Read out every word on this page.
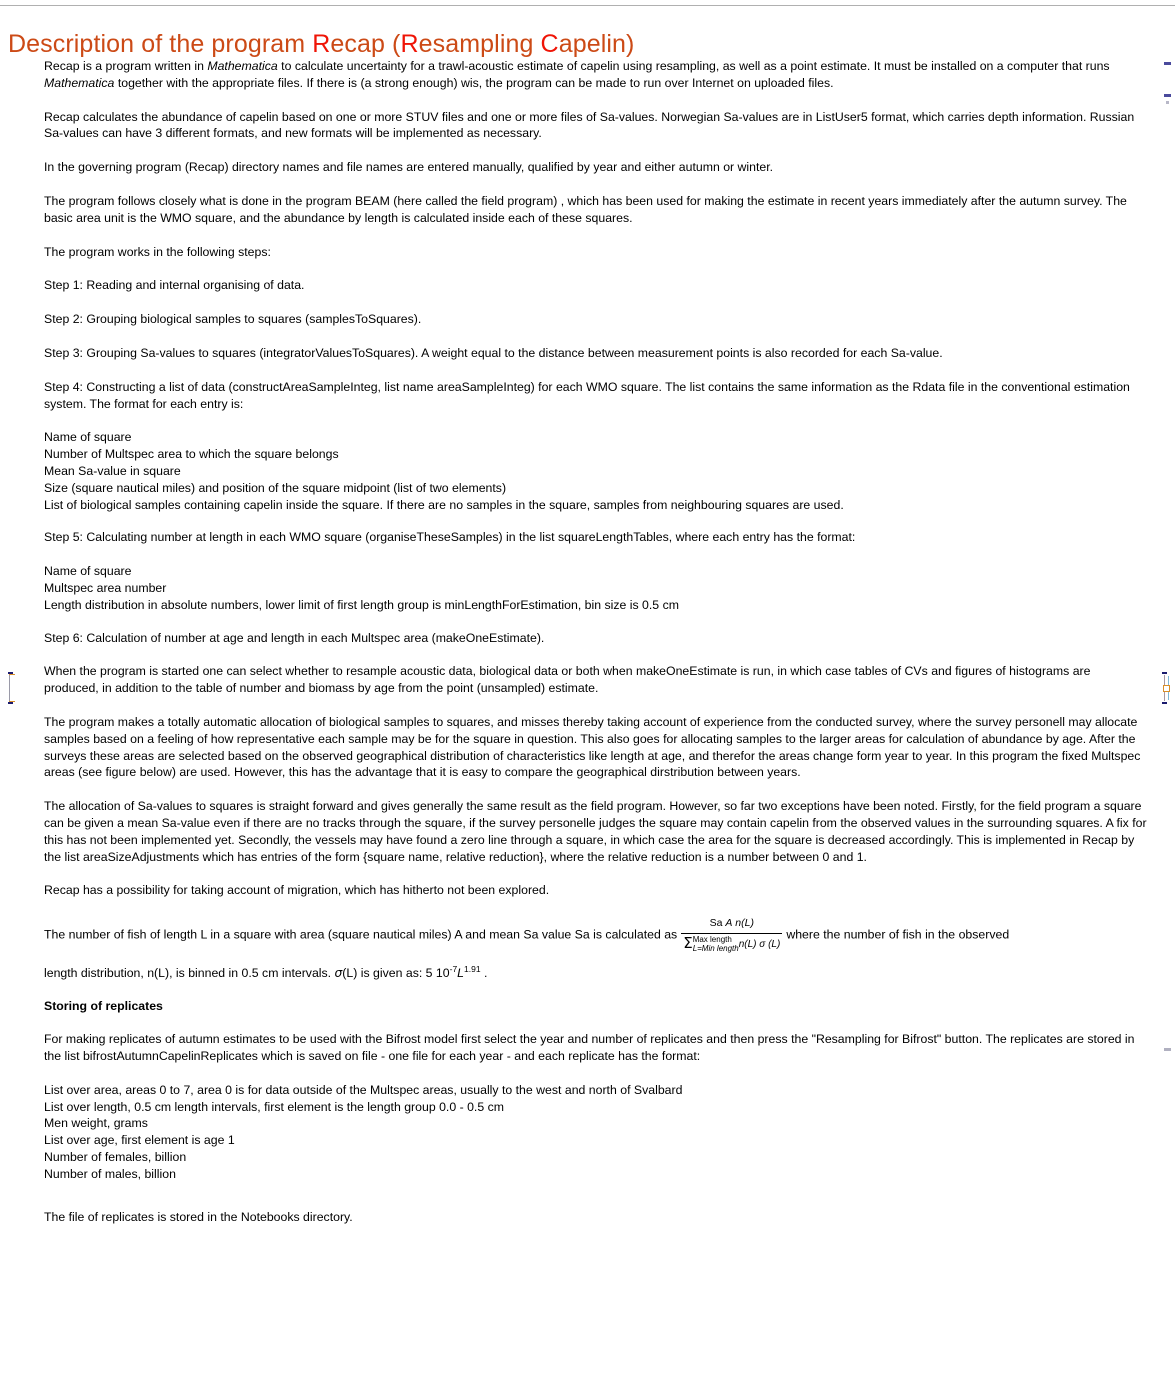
Description of the program Recap (Resampling Capelin)

Recap is a program written in Mathematica to calculate uncertainty for a trawl-acoustic estimate of capelin using resampling, as well as a point estimate. It must be installed on a computer that runs Mathematica together with the appropriate files. If there is (a strong enough) wis, the program can be made to run over Internet on uploaded files.

Recap calculates the abundance of capelin based on one or more STUV files and one or more files of Sa-values. Norwegian Sa-values are in ListUser5 format, which carries depth information. Russian Sa-values can have 3 different formats, and new formats will be implemented as necessary.

In the governing program (Recap) directory names and file names are entered manually, qualified by year and either autumn or winter.

The program follows closely what is done in the program BEAM (here called the field program) , which has been used for making the estimate in recent years immediately after the autumn survey. The basic area unit is the WMO square, and the abundance by length is calculated inside each of these squares.

The program works in the following steps:

Step 1: Reading and internal organising of data.

Step 2: Grouping biological samples to squares (samplesToSquares).

Step 3: Grouping Sa-values to squares (integratorValuesToSquares). A weight equal to the distance between measurement points is also recorded for each Sa-value.

Step 4: Constructing a list of data (constructAreaSampleInteg, list name areaSampleInteg) for each WMO square. The list contains the same information as the Rdata file in the conventional estimation system. The format for each entry is:

Name of square
Number of Multspec area to which the square belongs
Mean Sa-value in square
Size (square nautical miles) and position of the square midpoint (list of two elements)
List of biological samples containing capelin inside the square. If there are no samples in the square, samples from neighbouring squares are used.

Step 5: Calculating number at length in each WMO square (organiseTheseSamples) in the list squareLengthTables, where each entry has the format:

Name of square
Multspec area number
Length distribution in absolute numbers, lower limit of first length group is minLengthForEstimation, bin size is 0.5 cm

Step 6: Calculation of number at age and length in each Multspec area (makeOneEstimate).

When the program is started one can select whether to resample acoustic data, biological data or both when makeOneEstimate is run, in which case tables of CVs and figures of histograms are produced, in addition to the table of number and biomass by age from the point (unsampled) estimate.

The program makes a totally automatic allocation of biological samples to squares, and misses thereby taking account of experience from the conducted survey, where the survey personell may allocate samples based on a feeling of how representative each sample may be for the square in question. This also goes for allocating samples to the larger areas for calculation of abundance by age. After the surveys these areas are selected based on the observed geographical distribution of characteristics like length at age, and therefor the areas change form year to year. In this program the fixed Multspec areas (see figure below) are used. However, this has the advantage that it is easy to compare the geographical dirstribution between years.

The allocation of Sa-values to squares is straight forward and gives generally the same result as the field program. However, so far two exceptions have been noted. Firstly, for the field program a square can be given a mean Sa-value even if there are no tracks through the square, if the survey personelle judges the square may contain capelin from the observed values in the surrounding squares. A fix for this has not been implemented yet. Secondly, the vessels may have found a zero line through a square, in which case the area for the square is decreased accordingly. This is implemented in Recap by the list areaSizeAdjustments which has entries of the form {square name, relative reduction}, where the relative reduction is a number between 0 and 1.

Recap has a possibility for taking account of migration, which has hitherto not been explored.

The number of fish of length L in a square with area (square nautical miles) A and mean Sa value Sa is calculated as Sa A n(L)
Σ Max length
L=Min length n(L) σ (L) where the number of fish in the observed

length distribution, n(L), is binned in 0.5 cm intervals. σ(L) is given as: 5 $10^{-7}L^{1.91}$ .

Storing of replicates

For making replicates of autumn estimates to be used with the Bifrost model first select the year and number of replicates and then press the "Resampling for Bifrost" button. The replicates are stored in the list bifrostAutumnCapelinReplicates which is saved on file - one file for each year - and each replicate has the format:

List over area, areas 0 to 7, area 0 is for data outside of the Multspec areas, usually to the west and north of Svalbard
List over length, 0.5 cm length intervals, first element is the length group 0.0 - 0.5 cm
Men weight, grams
List over age, first element is age 1
Number of females, billion
Number of males, billion

The file of replicates is stored in the Notebooks directory.
